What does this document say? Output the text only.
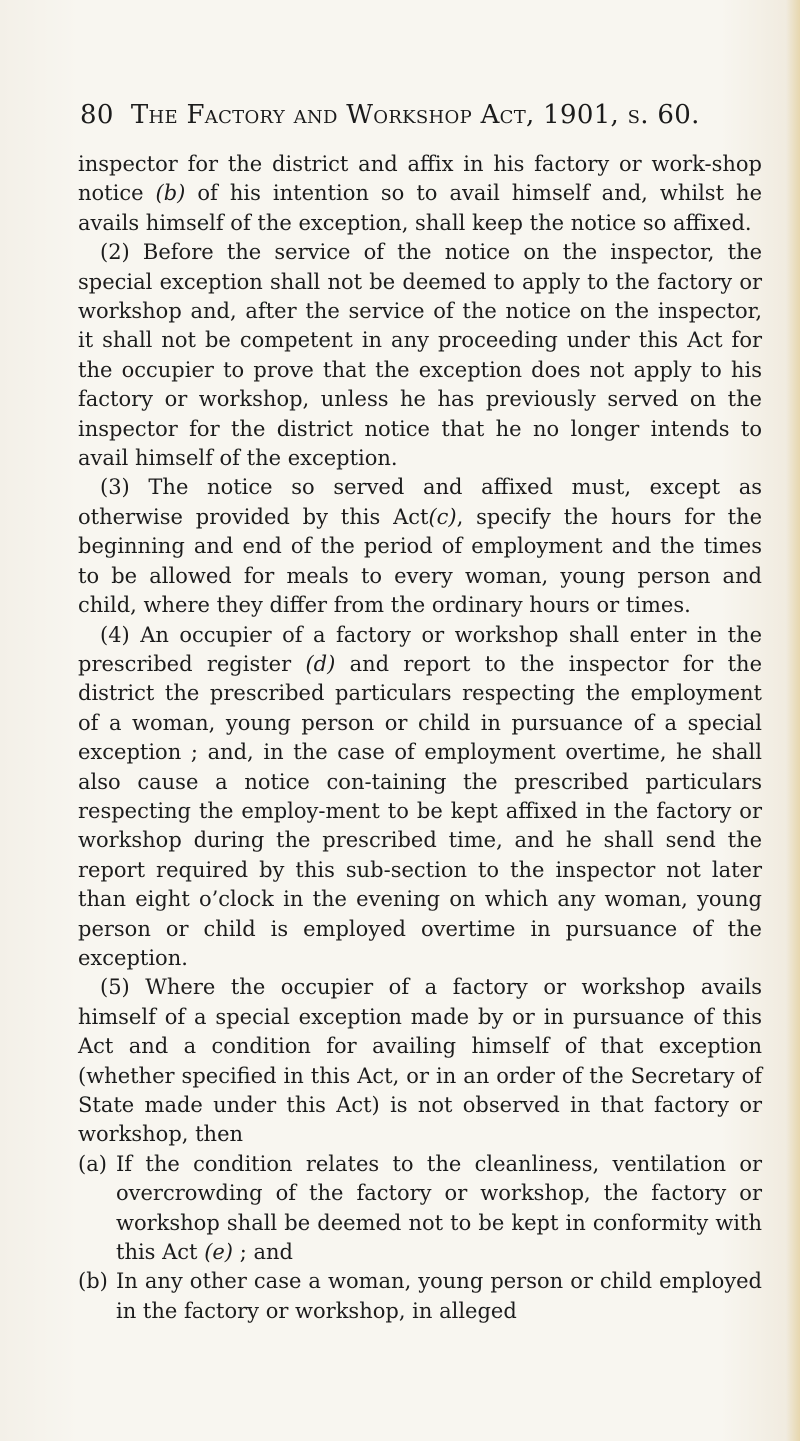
80 The Factory and Workshop Act, 1901, s. 60.
inspector for the district and affix in his factory or work-shop notice (b) of his intention so to avail himself and, whilst he avails himself of the exception, shall keep the notice so affixed.
(2) Before the service of the notice on the inspector, the special exception shall not be deemed to apply to the factory or workshop and, after the service of the notice on the inspector, it shall not be competent in any proceeding under this Act for the occupier to prove that the exception does not apply to his factory or workshop, unless he has previously served on the inspector for the district notice that he no longer intends to avail himself of the exception.
(3) The notice so served and affixed must, except as otherwise provided by this Act(c), specify the hours for the beginning and end of the period of employment and the times to be allowed for meals to every woman, young person and child, where they differ from the ordinary hours or times.
(4) An occupier of a factory or workshop shall enter in the prescribed register (d) and report to the inspector for the district the prescribed particulars respecting the employment of a woman, young person or child in pursuance of a special exception ; and, in the case of employment overtime, he shall also cause a notice con-taining the prescribed particulars respecting the employ-ment to be kept affixed in the factory or workshop during the prescribed time, and he shall send the report required by this sub-section to the inspector not later than eight o’clock in the evening on which any woman, young person or child is employed overtime in pursuance of the exception.
(5) Where the occupier of a factory or workshop avails himself of a special exception made by or in pursuance of this Act and a condition for availing himself of that exception (whether specified in this Act, or in an order of the Secretary of State made under this Act) is not observed in that factory or workshop, then
(a) If the condition relates to the cleanliness, ventilation or overcrowding of the factory or workshop, the factory or workshop shall be deemed not to be kept in conformity with this Act (e) ; and
(b) In any other case a woman, young person or child employed in the factory or workshop, in alleged
